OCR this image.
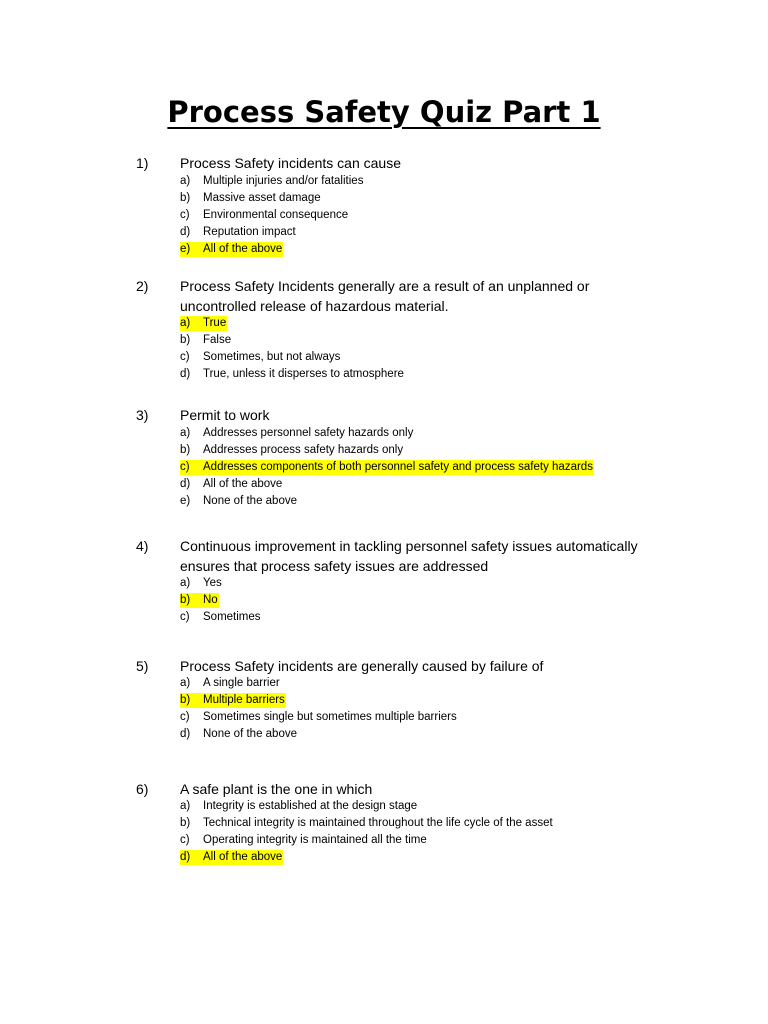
Process Safety Quiz Part 1
1) Process Safety incidents can cause

a) Multiple injuries and/or fatalities
b) Massive asset damage
c) Environmental consequence
d) Reputation impact
e) All of the above
2) Process Safety Incidents generally are a result of an unplanned or uncontrolled release of hazardous material.

a) True
b) False
c) Sometimes, but not always
d) True, unless it disperses to atmosphere
3) Permit to work

a) Addresses personnel safety hazards only
b) Addresses process safety hazards only
c) Addresses components of both personnel safety and process safety hazards
d) All of the above
e) None of the above
4) Continuous improvement in tackling personnel safety issues automatically ensures that process safety issues are addressed

a) Yes
b) No
c) Sometimes
5) Process Safety incidents are generally caused by failure of

a) A single barrier
b) Multiple barriers
c) Sometimes single but sometimes multiple barriers
d) None of the above
6) A safe plant is the one in which

a) Integrity is established at the design stage
b) Technical integrity is maintained throughout the life cycle of the asset
c) Operating integrity is maintained all the time
d) All of the above
